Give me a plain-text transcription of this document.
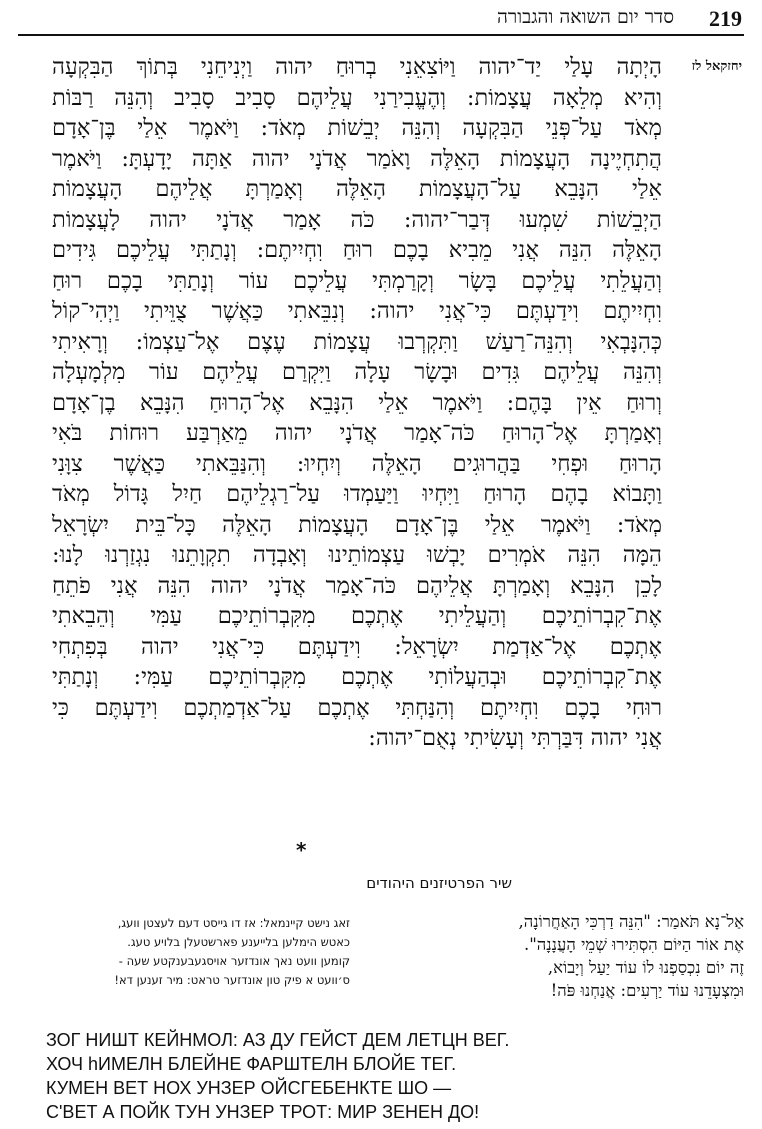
219
סדר יום השואה והגבורה
יחזקאל לז
הָיְתָה עָלַי יַד־יהוה וַיּוֹצִאֵנִי בְרוּחַ יהוה וַיְנִיחֵנִי בְּתוֹךְ הַבִּקְעָה
וְהִיא מְלֵאָה עֲצָמוֹת: וְהֶעֱבִירַנִי עֲלֵיהֶם סָבִיב סָבִיב וְהִנֵּה רַבּוֹת
מְאֹד עַל־פְּנֵי הַבִּקְעָה וְהִנֵּה יְבֵשׁוֹת מְאֹד: וַיֹּאמֶר אֵלַי בֶּן־אָדָם
הֲתִחְיֶינָה הָעֲצָמוֹת הָאֵלֶּה וָאֹמַר אֲדֹנָי יהוה אַתָּה יָדָעְתָּ: וַיֹּאמֶר
אֵלַי הִנָּבֵא עַל־הָעֲצָמוֹת הָאֵלֶּה וְאָמַרְתָּ אֲלֵיהֶם הָעֲצָמוֹת
הַיְבֵשׁוֹת שִׁמְעוּ דְּבַר־יהוה: כֹּה אָמַר אֲדֹנָי יהוה לָעֲצָמוֹת
הָאֵלֶּה הִנֵּה אֲנִי מֵבִיא בָכֶם רוּחַ וִחְיִיתֶם: וְנָתַתִּי עֲלֵיכֶם גִּידִים
וְהַעֲלֵתִי עֲלֵיכֶם בָּשָׂר וְקָרַמְתִּי עֲלֵיכֶם עוֹר וְנָתַתִּי בָכֶם רוּחַ
וִחְיִיתֶם וִידַעְתֶּם כִּי־אֲנִי יהוה: וְנִבֵּאתִי כַּאֲשֶׁר צֻוֵּיתִי וַיְהִי־קוֹל
כְּהִנָּבְאִי וְהִנֵּה־רַעַשׁ וַתִּקְרְבוּ עֲצָמוֹת עֶצֶם אֶל־עַצְמוֹ: וְרָאִיתִי
וְהִנֵּה עֲלֵיהֶם גִּדִים וּבָשָׂר עָלָה וַיִּקְרַם עֲלֵיהֶם עוֹר מִלְמָעְלָה
וְרוּחַ אֵין בָּהֶם: וַיֹּאמֶר אֵלַי הִנָּבֵא אֶל־הָרוּחַ הִנָּבֵא בֶן־אָדָם
וְאָמַרְתָּ אֶל־הָרוּחַ כֹּה־אָמַר אֲדֹנָי יהוה מֵאַרְבַּע רוּחוֹת בֹּאִי
הָרוּחַ וּפְחִי בַּהֲרוּגִים הָאֵלֶּה וְיִחְיוּ: וְהִנַּבֵּאתִי כַּאֲשֶׁר צִוָּנִי
וַתָּבוֹא בָהֶם הָרוּחַ וַיִּחְיוּ וַיַּעַמְדוּ עַל־רַגְלֵיהֶם חַיִל גָּדוֹל מְאֹד
מְאֹד: וַיֹּאמֶר אֵלַי בֶּן־אָדָם הָעֲצָמוֹת הָאֵלֶּה כָּל־בֵּית יִשְׂרָאֵל
הֵמָּה הִנֵּה אֹמְרִים יָבְשׁוּ עַצְמוֹתֵינוּ וְאָבְדָה תִקְוָתֵנוּ נִגְזַרְנוּ לָנוּ:
לָכֵן הִנָּבֵא וְאָמַרְתָּ אֲלֵיהֶם כֹּה־אָמַר אֲדֹנָי יהוה הִנֵּה אֲנִי פֹתֵחַ
אֶת־קִבְרוֹתֵיכֶם וְהַעֲלֵיתִי אֶתְכֶם מִקִּבְרוֹתֵיכֶם עַמִּי וְהֵבֵאתִי
אֶתְכֶם אֶל־אַדְמַת יִשְׂרָאֵל: וִידַעְתֶּם כִּי־אֲנִי יהוה בְּפִתְחִי
אֶת־קִבְרוֹתֵיכֶם וּבְהַעֲלוֹתִי אֶתְכֶם מִקִּבְרוֹתֵיכֶם עַמִּי: וְנָתַתִּי
רוּחִי בָכֶם וִחְיִיתֶם וְהִנַּחְתִּי אֶתְכֶם עַל־אַדְמַתְכֶם וִידַעְתֶּם כִּי
אֲנִי יהוה דִּבַּרְתִּי וְעָשִׂיתִי נְאֻם־יהוה:
*
שיר הפרטיזנים היהודים
אַל־נָא תֹּאמַר: "הִנֵּה דַרְכִּי הָאַחֲרוֹנָה,
אֶת אוֹר הַיּוֹם הִסְתִּירוּ שְׁמֵי הָעֲנָנָה".
זֶה יוֹם נִכְסַפְנוּ לוֹ עוֹד יַעַל וְיָבוֹא,
וּמִצְעָדֵנוּ עוֹד יַרְעִים: אֲנַחְנוּ פֹּה!
זאג נישט קיינמאל: אז דו גייסט דעם לעצטן וועג,
כאטש הימלען בלייענע פארשטעלן בלויע טעג.
קומען וועט נאך אונדזער אויסגעבענקטע שעה -
ס׳וועט א פיק טון אונדזער טראט: מיר זענען דא!
ЗОГ НИШТ КЕЙНМОЛ: АЗ ДУ ГЕЙСТ ДЕМ ЛЕТЦН ВЕГ.
ХОЧ hИМЕЛН БЛЕЙНЕ ФАРШТЕЛН БЛОЙЕ ТЕГ.
КУМЕН ВЕТ НОХ УНЗЕР ОЙСГЕБЕНКТЕ ШО —
С'ВЕТ А ПОЙК ТУН УНЗЕР ТРОТ: МИР ЗЕНЕН ДО!
